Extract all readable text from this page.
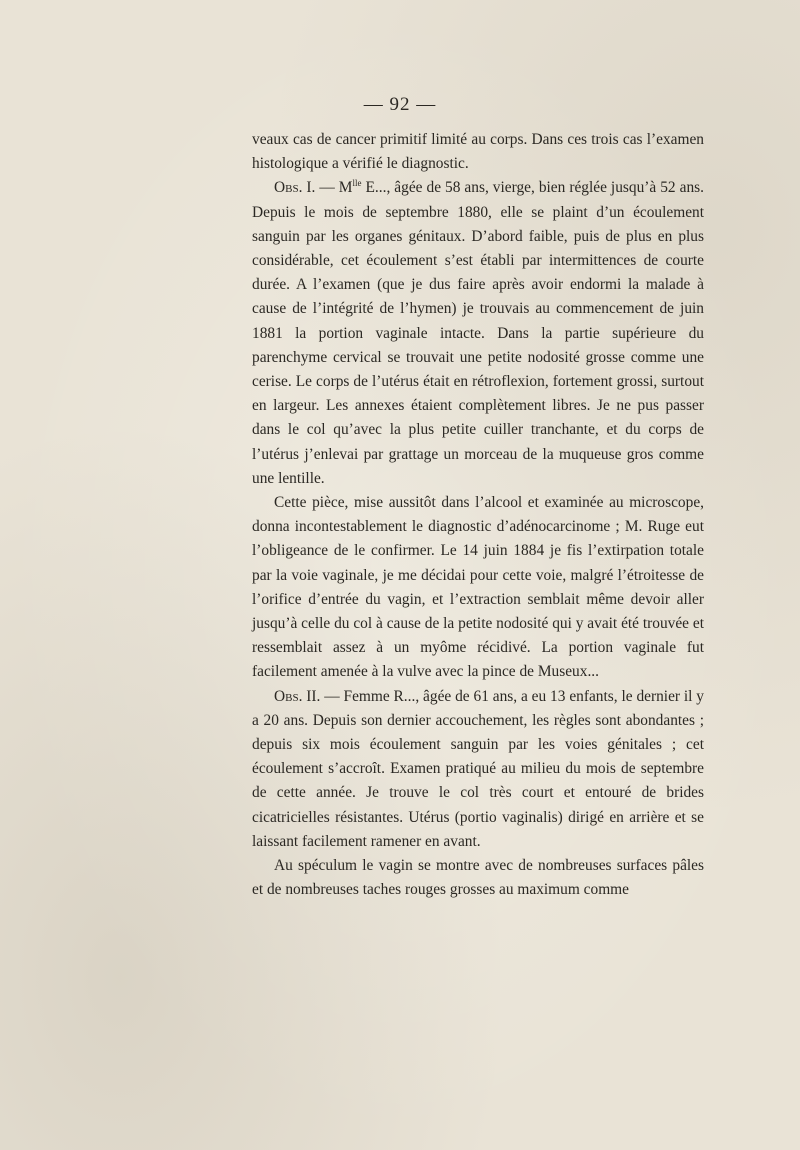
— 92 —

veaux cas de cancer primitif limité au corps. Dans ces trois cas l’examen histologique a vérifié le diagnostic.

Obs. I. — $M^{lle}$ E..., âgée de 58 ans, vierge, bien réglée jusqu’à 52 ans. Depuis le mois de septembre 1880, elle se plaint d’un écoulement sanguin par les organes génitaux. D’abord faible, puis de plus en plus considérable, cet écoulement s’est établi par intermittences de courte durée. A l’examen (que je dus faire après avoir endormi la malade à cause de l’intégrité de l’hymen) je trouvais au commencement de juin 1881 la portion vaginale intacte. Dans la partie supérieure du parenchyme cervical se trouvait une petite nodosité grosse comme une cerise. Le corps de l’utérus était en rétroflexion, fortement grossi, surtout en largeur. Les annexes étaient complètement libres. Je ne pus passer dans le col qu’avec la plus petite cuiller tranchante, et du corps de l’utérus j’enlevai par grattage un morceau de la muqueuse gros comme une lentille.

Cette pièce, mise aussitôt dans l’alcool et examinée au microscope, donna incontestablement le diagnostic d’adénocarcinome ; M. Ruge eut l’obligeance de le confirmer. Le 14 juin 1884 je fis l’extirpation totale par la voie vaginale, je me décidai pour cette voie, malgré l’étroitesse de l’orifice d’entrée du vagin, et l’extraction semblait même devoir aller jusqu’à celle du col à cause de la petite nodosité qui y avait été trouvée et ressemblait assez à un myôme récidivé. La portion vaginale fut facilement amenée à la vulve avec la pince de Museux...

Obs. II. — Femme R..., âgée de 61 ans, a eu 13 enfants, le dernier il y a 20 ans. Depuis son dernier accouchement, les règles sont abondantes ; depuis six mois écoulement sanguin par les voies génitales ; cet écoulement s’accroît. Examen pratiqué au milieu du mois de septembre de cette année. Je trouve le col très court et entouré de brides cicatricielles résistantes. Utérus (portio vaginalis) dirigé en arrière et se laissant facilement ramener en avant.

Au spéculum le vagin se montre avec de nombreuses surfaces pâles et de nombreuses taches rouges grosses au maximum comme
